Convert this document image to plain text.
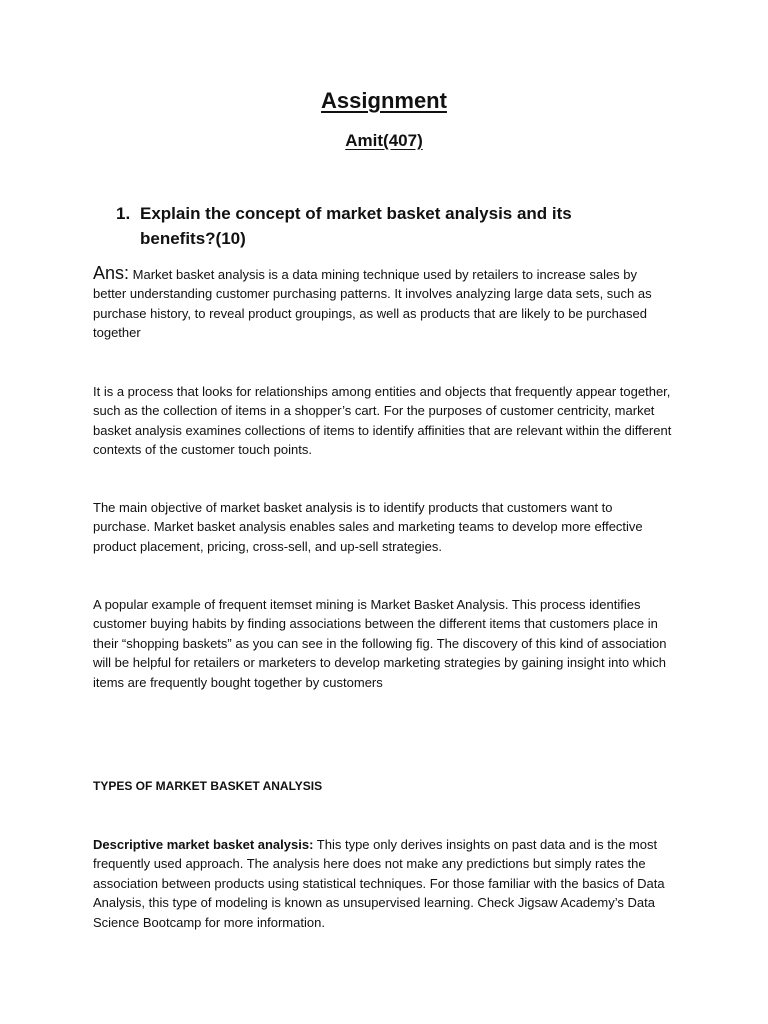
Assignment
Amit(407)
1. Explain the concept of market basket analysis and its benefits?(10)

Ans: Market basket analysis is a data mining technique used by retailers to increase sales by better understanding customer purchasing patterns. It involves analyzing large data sets, such as purchase history, to reveal product groupings, as well as products that are likely to be purchased together

It is a process that looks for relationships among entities and objects that frequently appear together, such as the collection of items in a shopper’s cart. For the purposes of customer centricity, market basket analysis examines collections of items to identify affinities that are relevant within the different contexts of the customer touch points.

The main objective of market basket analysis is to identify products that customers want to purchase. Market basket analysis enables sales and marketing teams to develop more effective product placement, pricing, cross-sell, and up-sell strategies.

A popular example of frequent itemset mining is Market Basket Analysis. This process identifies customer buying habits by finding associations between the different items that customers place in their “shopping baskets” as you can see in the following fig. The discovery of this kind of association will be helpful for retailers or marketers to develop marketing strategies by gaining insight into which items are frequently bought together by customers

TYPES OF MARKET BASKET ANALYSIS

Descriptive market basket analysis: This type only derives insights on past data and is the most frequently used approach. The analysis here does not make any predictions but simply rates the association between products using statistical techniques. For those familiar with the basics of Data Analysis, this type of modeling is known as unsupervised learning. Check Jigsaw Academy’s Data Science Bootcamp for more information.
